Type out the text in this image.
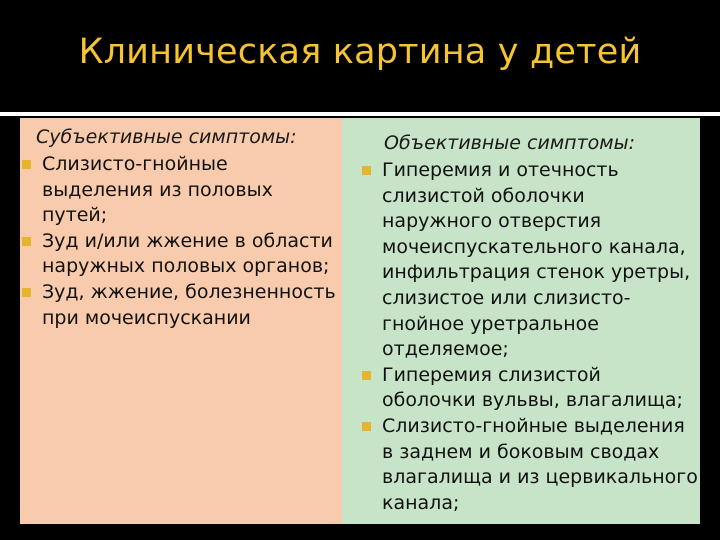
Клиническая картина у детей
Субъективные симптомы:
Слизисто-гнойные выделения из половых путей;
Зуд и/или жжение в области наружных половых органов;
Зуд, жжение, болезненность при мочеиспускании
Объективные симптомы:
Гиперемия и отечность слизистой оболочки наружного отверстия мочеиспускательного канала, инфильтрация стенок уретры, слизистое или слизисто-гнойное уретральное отделяемое;
Гиперемия слизистой оболочки вульвы, влагалища;
Слизисто-гнойные выделения в заднем и боковым сводах влагалища и из цервикального канала;
